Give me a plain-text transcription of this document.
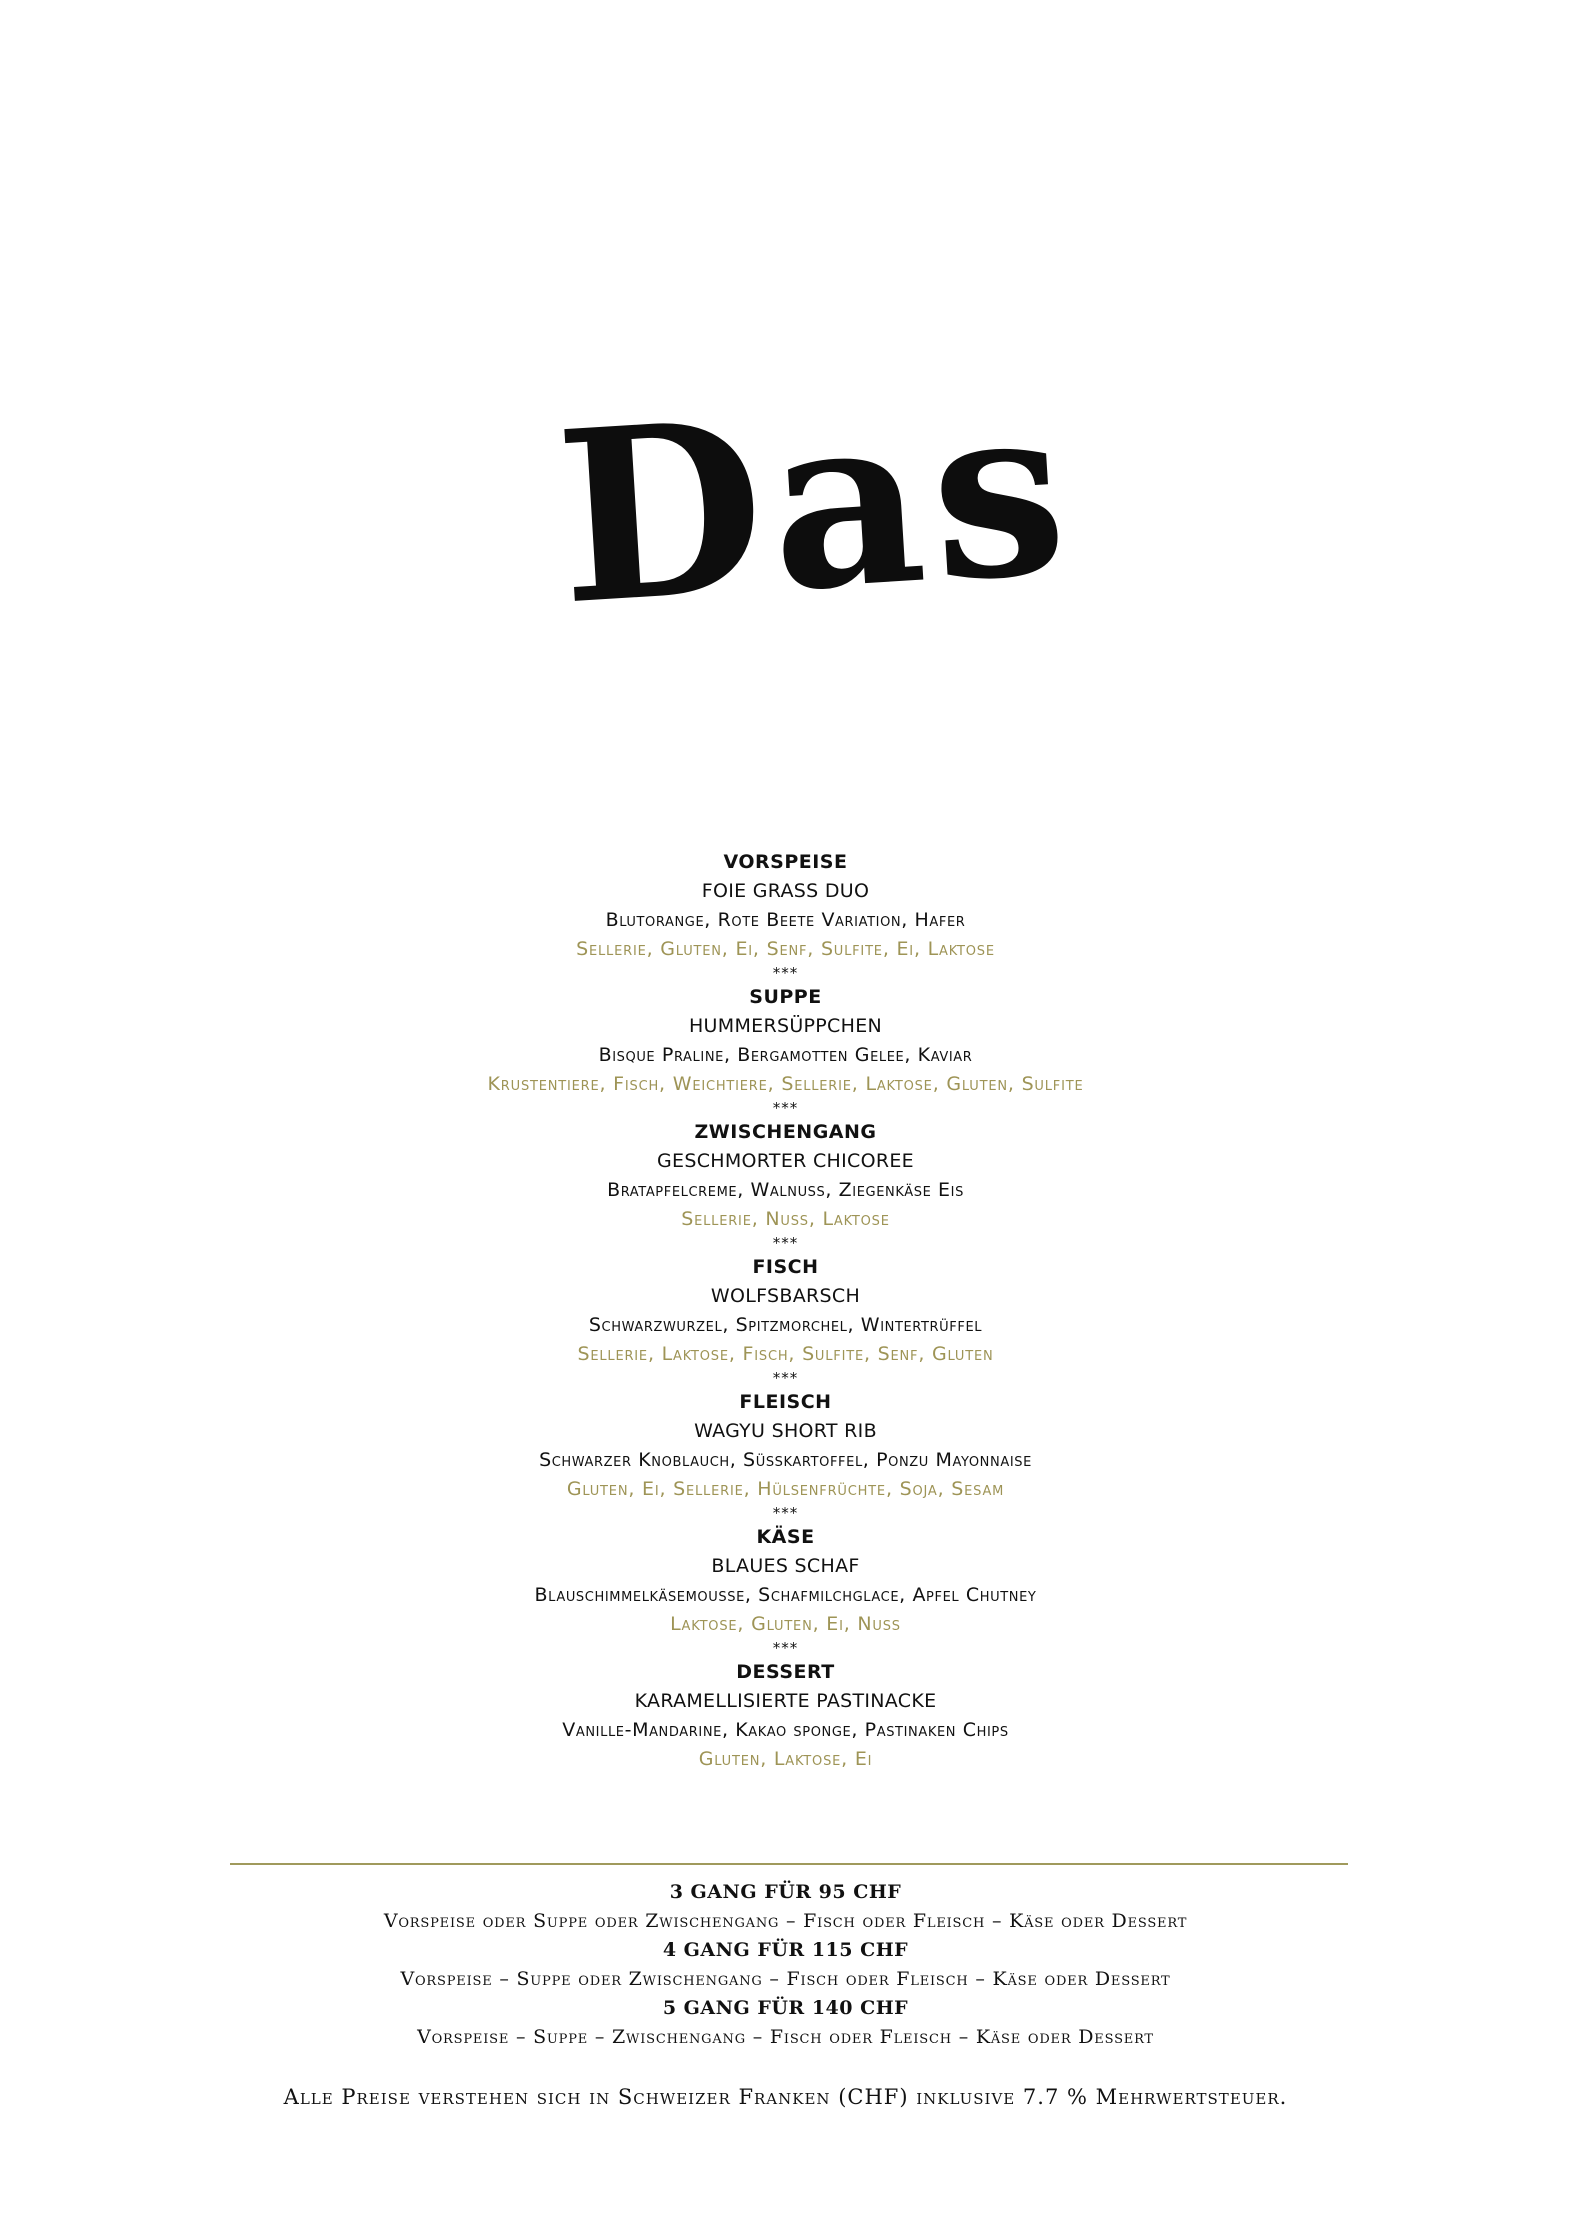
Das
VORSPEISE
FOIE GRASS DUO
Blutorange, Rote Beete Variation, Hafer
Sellerie, Gluten, Ei, Senf, Sulfite, Ei, Laktose
***
SUPPE
HUMMERSÜPPCHEN
Bisque Praline, Bergamotten Gelee, Kaviar
Krustentiere, Fisch, Weichtiere, Sellerie, Laktose, Gluten, Sulfite
***
ZWISCHENGANG
GESCHMORTER CHICOREE
Bratapfelcreme, Walnuss, Ziegenkäse Eis
Sellerie, Nuss, Laktose
***
FISCH
WOLFSBARSCH
Schwarzwurzel, Spitzmorchel, Wintertrüffel
Sellerie, Laktose, Fisch, Sulfite, Senf, Gluten
***
FLEISCH
WAGYU SHORT RIB
Schwarzer Knoblauch, Süsskartoffel, Ponzu Mayonnaise
Gluten, Ei, Sellerie, Hülsenfrüchte, Soja, Sesam
***
KÄSE
BLAUES SCHAF
Blauschimmelkäsemousse, Schafmilchglace, Apfel Chutney
Laktose, Gluten, Ei, Nuss
***
DESSERT
KARAMELLISIERTE PASTINACKE
Vanille-Mandarine, Kakao sponge, Pastinaken Chips
Gluten, Laktose, Ei
3 GANG FÜR 95 CHF
Vorspeise oder Suppe oder Zwischengang – Fisch oder Fleisch – Käse oder Dessert
4 GANG FÜR 115 CHF
Vorspeise – Suppe oder Zwischengang – Fisch oder Fleisch – Käse oder Dessert
5 GANG FÜR 140 CHF
Vorspeise – Suppe – Zwischengang – Fisch oder Fleisch – Käse oder Dessert
Alle Preise verstehen sich in Schweizer Franken (CHF) inklusive 7.7 % Mehrwertsteuer.
